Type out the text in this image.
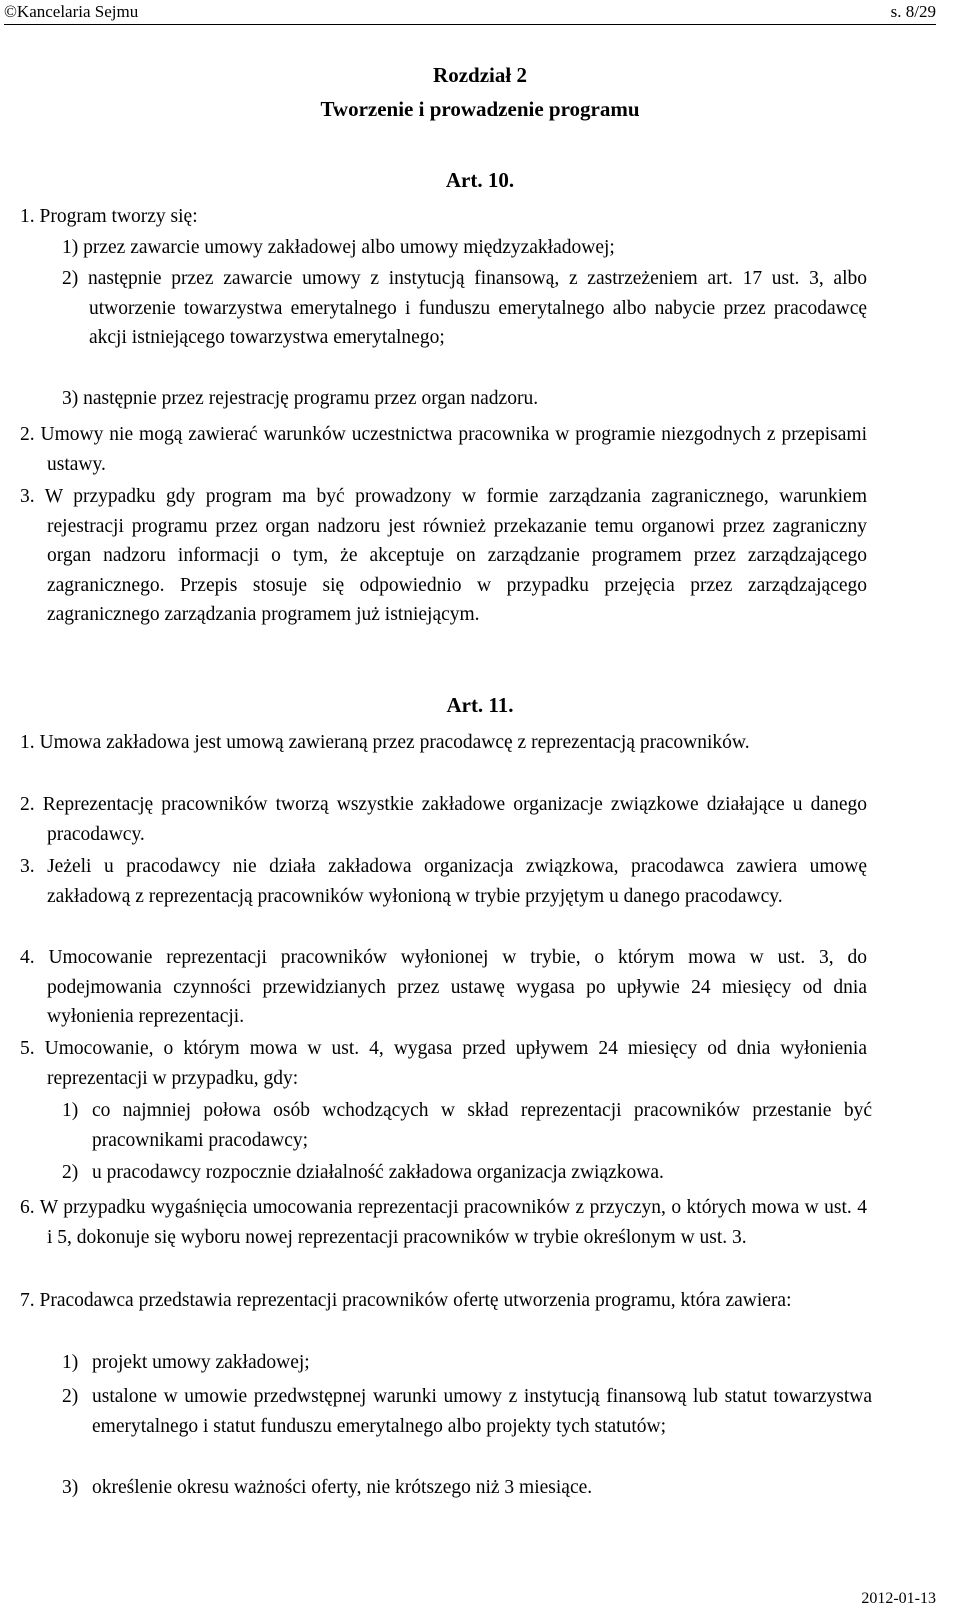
©Kancelaria Sejmu	s. 8/29
Rozdział 2
Tworzenie i prowadzenie programu
Art. 10.
1. Program tworzy się:
1) przez zawarcie umowy zakładowej albo umowy międzyzakładowej;
2) następnie przez zawarcie umowy z instytucją finansową, z zastrzeżeniem art. 17 ust. 3, albo utworzenie towarzystwa emerytalnego i funduszu emerytalnego albo nabycie przez pracodawcę akcji istniejącego towarzystwa emerytalnego;
3) następnie przez rejestrację programu przez organ nadzoru.
2. Umowy nie mogą zawierać warunków uczestnictwa pracownika w programie niezgodnych z przepisami ustawy.
3. W przypadku gdy program ma być prowadzony w formie zarządzania zagranicznego, warunkiem rejestracji programu przez organ nadzoru jest również przekazanie temu organowi przez zagraniczny organ nadzoru informacji o tym, że akceptuje on zarządzanie programem przez zarządzającego zagranicznego. Przepis stosuje się odpowiednio w przypadku przejęcia przez zarządzającego zagranicznego zarządzania programem już istniejącym.
Art. 11.
1. Umowa zakładowa jest umową zawieraną przez pracodawcę z reprezentacją pracowników.
2. Reprezentację pracowników tworzą wszystkie zakładowe organizacje związkowe działające u danego pracodawcy.
3. Jeżeli u pracodawcy nie działa zakładowa organizacja związkowa, pracodawca zawiera umowę zakładową z reprezentacją pracowników wyłonioną w trybie przyjętym u danego pracodawcy.
4. Umocowanie reprezentacji pracowników wyłonionej w trybie, o którym mowa w ust. 3, do podejmowania czynności przewidzianych przez ustawę wygasa po upływie 24 miesięcy od dnia wyłonienia reprezentacji.
5. Umocowanie, o którym mowa w ust. 4, wygasa przed upływem 24 miesięcy od dnia wyłonienia reprezentacji w przypadku, gdy:
1) co najmniej połowa osób wchodzących w skład reprezentacji pracowników przestanie być pracownikami pracodawcy;
2) u pracodawcy rozpocznie działalność zakładowa organizacja związkowa.
6. W przypadku wygaśnięcia umocowania reprezentacji pracowników z przyczyn, o których mowa w ust. 4 i 5, dokonuje się wyboru nowej reprezentacji pracowników w trybie określonym w ust. 3.
7. Pracodawca przedstawia reprezentacji pracowników ofertę utworzenia programu, która zawiera:
1) projekt umowy zakładowej;
2) ustalone w umowie przedwstępnej warunki umowy z instytucją finansową lub statut towarzystwa emerytalnego i statut funduszu emerytalnego albo projekty tych statutów;
3) określenie okresu ważności oferty, nie krótszego niż 3 miesiące.
2012-01-13
